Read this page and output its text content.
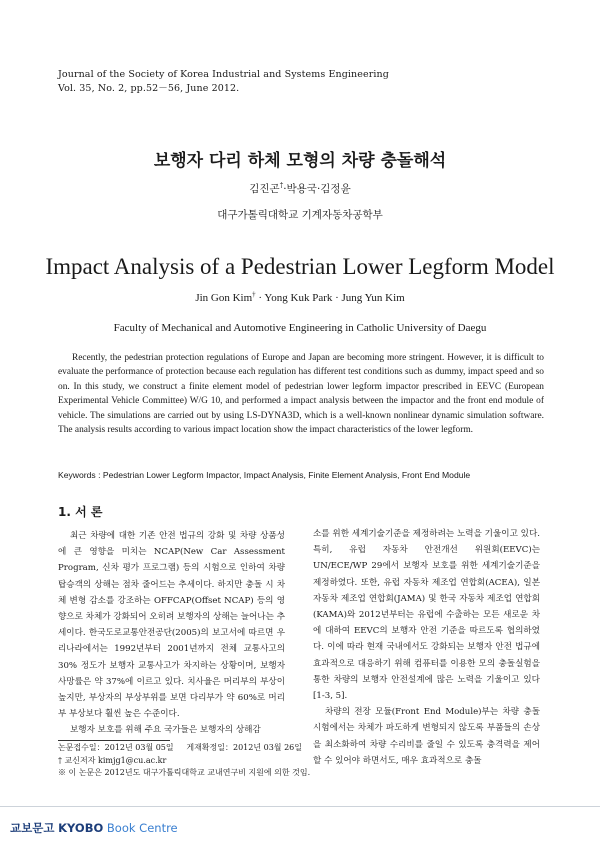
Journal of the Society of Korea Industrial and Systems Engineering
Vol. 35, No. 2, pp.52－56, June 2012.
보행자 다리 하체 모형의 차량 충돌해석
김진곤†·박용국·김정윤
대구가톨릭대학교 기계자동차공학부
Impact Analysis of a Pedestrian Lower Legform Model
Jin Gon Kim† · Yong Kuk Park · Jung Yun Kim
Faculty of Mechanical and Automotive Engineering in Catholic University of Daegu

Recently, the pedestrian protection regulations of Europe and Japan are becoming more stringent. However, it is difficult to evaluate the performance of protection because each regulation has different test conditions such as dummy, impact speed and so on. In this study, we construct a finite element model of pedestrian lower legform impactor prescribed in EEVC (European Experimental Vehicle Committee) W/G 10, and performed a impact analysis between the impactor and the front end module of vehicle. The simulations are carried out by using LS-DYNA3D, which is a well-known nonlinear dynamic simulation software. The analysis results according to various impact location show the impact characteristics of the lower legform.

Keywords : Pedestrian Lower Legform Impactor, Impact Analysis, Finite Element Analysis, Front End Module

1. 서 론

최근 차량에 대한 기존 안전 법규의 강화 및 차량 상품성에 큰 영향을 미치는 NCAP(New Car Assessment Program, 신차 평가 프로그램) 등의 시험으로 인하여 차량 탑승객의 상해는 점차 줄어드는 추세이다. 하지만 충돌 시 차체 변형 감소를 강조하는 OFFCAP(Offset NCAP) 등의 영향으로 차체가 강화되어 오히려 보행자의 상해는 늘어나는 추세이다. 한국도로교통안전공단(2005)의 보고서에 따르면 우리나라에서는 1992년부터 2001년까지 전체 교통사고의 30% 정도가 보행자 교통사고가 차지하는 상황이며, 보행자 사망률은 약 37%에 이르고 있다. 치사율은 머리부의 부상이 높지만, 부상자의 부상부위를 보면 다리부가 약 60%로 머리부 부상보다 훨씬 높은 수준이다.

보행자 보호를 위해 주요 국가들은 보행자의 상해감

소를 위한 세계기술기준을 제정하려는 노력을 기울이고 있다. 특히, 유럽 자동차 안전개선 위원회(EEVC)는 UN/ECE/WP 29에서 보행자 보호를 위한 세계기술기준을 제정하였다. 또한, 유럽 자동차 제조업 연합회(ACEA), 일본 자동차 제조업 연합회(JAMA) 및 한국 자동차 제조업 연합회(KAMA)와 2012년부터는 유럽에 수출하는 모든 새로운 차에 대하여 EEVC의 보행자 안전 기준을 따르도록 협의하였다. 이에 따라 현재 국내에서도 강화되는 보행자 안전 법규에 효과적으로 대응하기 위해 컴퓨터를 이용한 모의 충돌실험을 통한 차량의 보행자 안전설계에 많은 노력을 기울이고 있다[1-3, 5].

차량의 전장 모듈(Front End Module)부는 차량 충돌 시험에서는 차체가 파도하게 변형되지 않도록 부품들의 손상을 최소화하여 차량 수리비를 줄일 수 있도록 충격력을 제어할 수 있어야 하면서도, 매우 효과적으로 충돌

논문접수일：2012년 03월 05일 게재확정일：2012년 03월 26일
† 교신저자 kimjg1@cu.ac.kr
※ 이 논문은 2012년도 대구가톨릭대학교 교내연구비 지원에 의한 것임.
교보문고 KYOBO Book Centre
